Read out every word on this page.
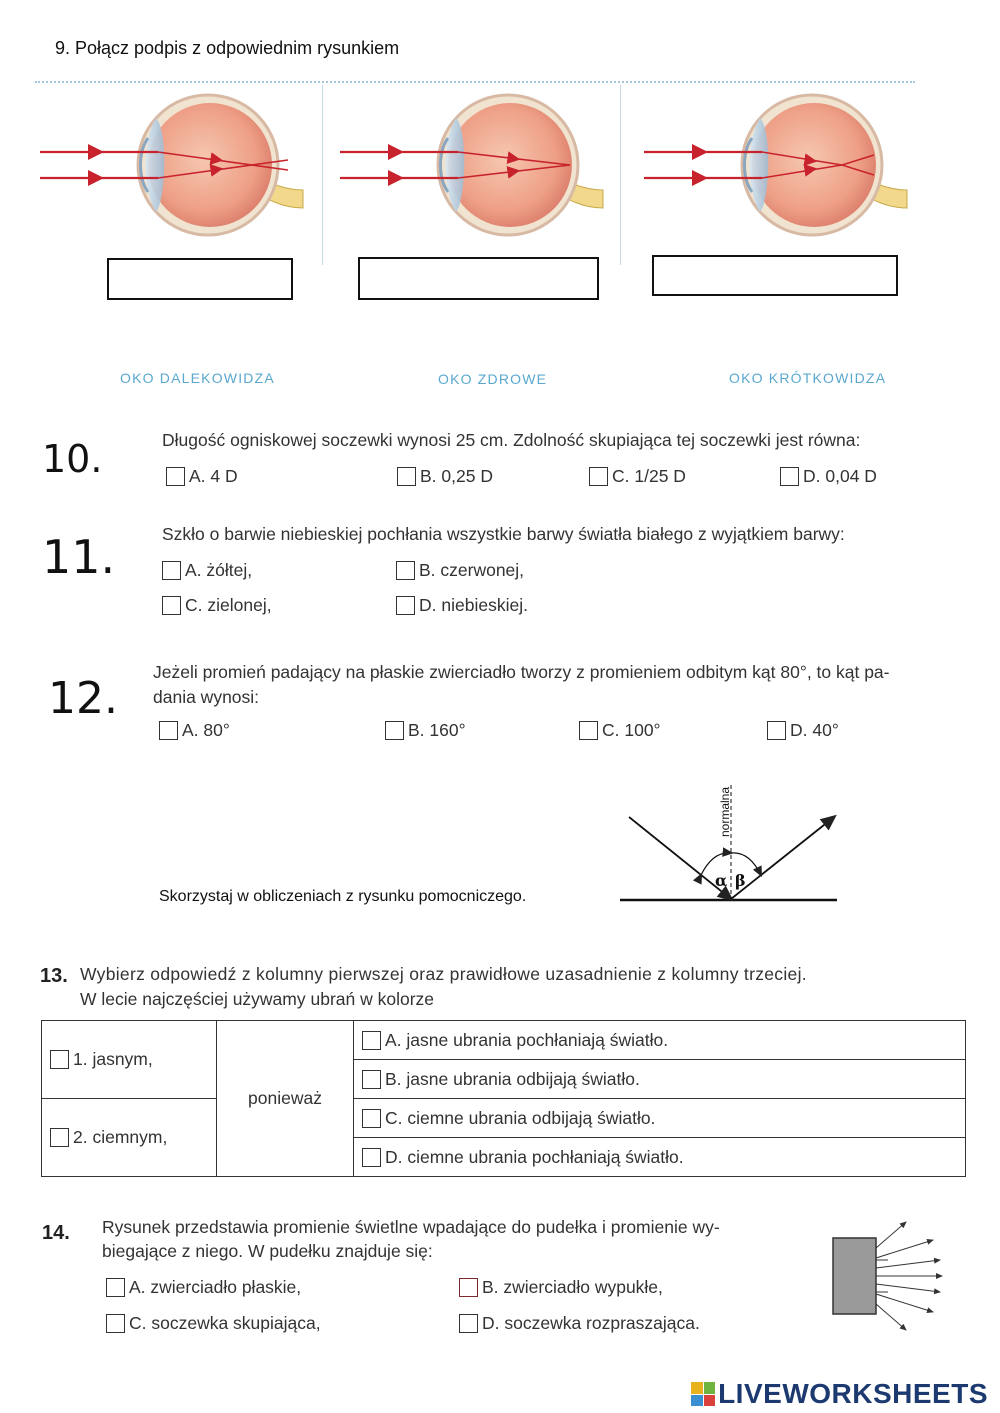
9. Połącz podpis z odpowiednim rysunkiem
OKO DALEKOWIDZA	OKO ZDROWE	OKO KRÓTKOWIDZA
10.	Długość ogniskowej soczewki wynosi 25 cm. Zdolność skupiająca tej soczewki jest równa:
A. 4 D	B. 0,25 D	C. 1/25 D	D. 0,04 D
11.	Szkło o barwie niebieskiej pochłania wszystkie barwy światła białego z wyjątkiem barwy:
A. żółtej,	B. czerwonej,
C. zielonej,	D. niebieskiej.
12.
Jeżeli promień padający na płaskie zwierciadło tworzy z promieniem odbitym kąt 80°, to kąt pa-
dania wynosi:
A. 80°	B. 160°	C. 100°	D. 40°
Skorzystaj w obliczeniach z rysunku pomocniczego.
normalna
α β
13. Wybierz odpowiedź z kolumny pierwszej oraz prawidłowe uzasadnienie z kolumny trzeciej.
W lecie najczęściej używamy ubrań w kolorze
1. jasnym,	ponieważ	A. jasne ubrania pochłaniają światło.

		B. jasne ubrania odbijają światło.

2. ciemnym,		C. ciemne ubrania odbijają światło.

		D. ciemne ubrania pochłaniają światło.
14. Rysunek przedstawia promienie świetlne wpadające do pudełka i promienie wy-
biegające z niego. W pudełku znajduje się:
A. zwierciadło płaskie,	B. zwierciadło wypukłe,
C. soczewka skupiająca,	D. soczewka rozpraszająca.
LIVEWORKSHEETS
